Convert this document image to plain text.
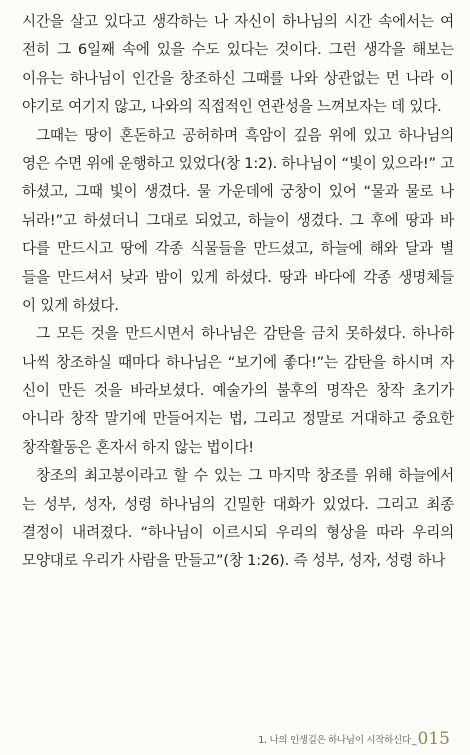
시간을 살고 있다고 생각하는 나 자신이 하나님의 시간 속에서는 여
전히 그 6일째 속에 있을 수도 있다는 것이다. 그런 생각을 해보는
이유는 하나님이 인간을 창조하신 그때를 나와 상관없는 먼 나라 이
야기로 여기지 않고, 나와의 직접적인 연관성을 느껴보자는 데 있다.
그때는 땅이 혼돈하고 공허하며 흑암이 깊음 위에 있고 하나님의
영은 수면 위에 운행하고 있었다(창 1:2). 하나님이 “빛이 있으라!” 고
하셨고, 그때 빛이 생겼다. 물 가운데에 궁창이 있어 “물과 물로 나
뉘라!”고 하셨더니 그대로 되었고, 하늘이 생겼다. 그 후에 땅과 바
다를 만드시고 땅에 각종 식물들을 만드셨고, 하늘에 해와 달과 별
들을 만드셔서 낮과 밤이 있게 하셨다. 땅과 바다에 각종 생명체들
이 있게 하셨다.
그 모든 것을 만드시면서 하나님은 감탄을 금치 못하셨다. 하나하
나씩 창조하실 때마다 하나님은 “보기에 좋다!”는 감탄을 하시며 자
신이 만든 것을 바라보셨다. 예술가의 불후의 명작은 창작 초기가
아니라 창작 말기에 만들어지는 법, 그리고 정말로 거대하고 중요한
창작활동은 혼자서 하지 않는 법이다!
창조의 최고봉이라고 할 수 있는 그 마지막 창조를 위해 하늘에서
는 성부, 성자, 성령 하나님의 긴밀한 대화가 있었다. 그리고 최종
결정이 내려졌다. “하나님이 이르시되 우리의 형상을 따라 우리의
모양대로 우리가 사람을 만들고”(창 1:26). 즉 성부, 성자, 성령 하나
1. 나의 인생길은 하나님이 시작하신다 _ 015
